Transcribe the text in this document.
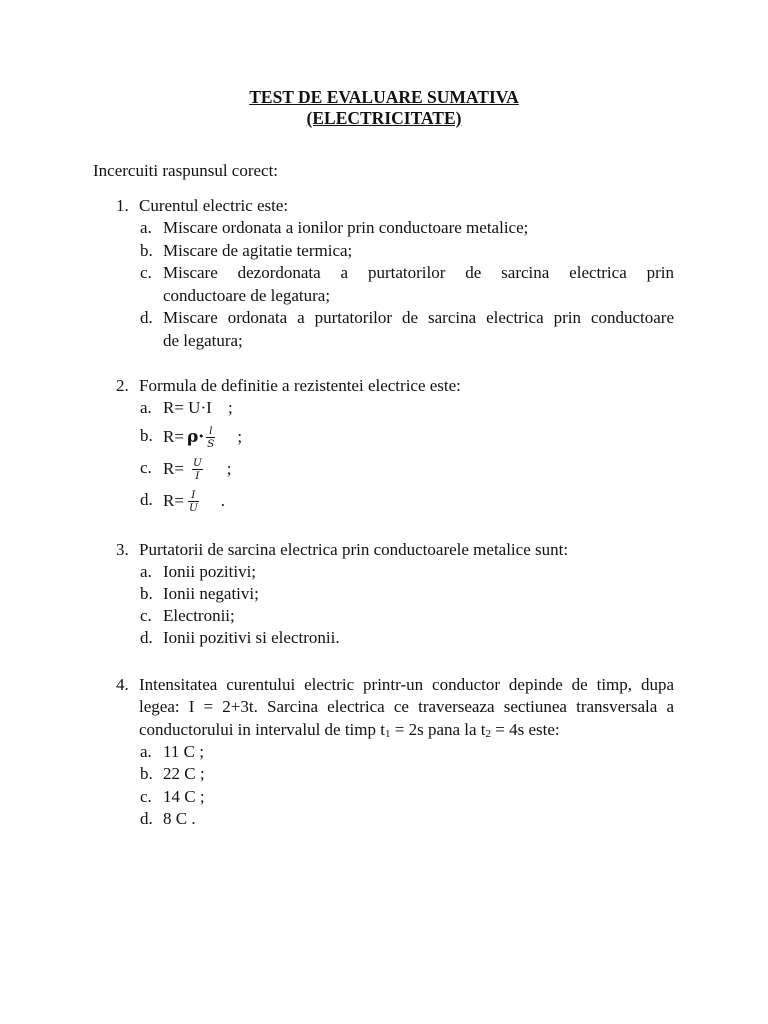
TEST DE EVALUARE SUMATIVA
(ELECTRICITATE)
Incercuiti raspunsul corect:
1. Curentul electric este:
a. Miscare ordonata a ionilor prin conductoare metalice;
b. Miscare de agitatie termica;
c. Miscare dezordonata a purtatorilor de sarcina electrica prin
conductoare de legatura;
d. Miscare ordonata a purtatorilor de sarcina electrica prin conductoare
de legatura;
2. Formula de definitie a rezistentei electrice este:
a. R= U·I ;
b. $R= \rho\cdot \frac{l}{S}$ ;
c. $R= \frac{U}{I}$ ;
d. $R= \frac{I}{U}$ .
3. Purtatorii de sarcina electrica prin conductoarele metalice sunt:
a. Ionii pozitivi;
b. Ionii negativi;
c. Electronii;
d. Ionii pozitivi si electronii.
4. Intensitatea curentului electric printr-un conductor depinde de timp, dupa
legea: I = 2+3t. Sarcina electrica ce traverseaza sectiunea transversala a
conductorului in intervalul de timp $t_1 = 2s$ pana la $t_2 = 4s$ este:
a. 11 C ;
b. 22 C ;
c. 14 C ;
d. 8 C .
